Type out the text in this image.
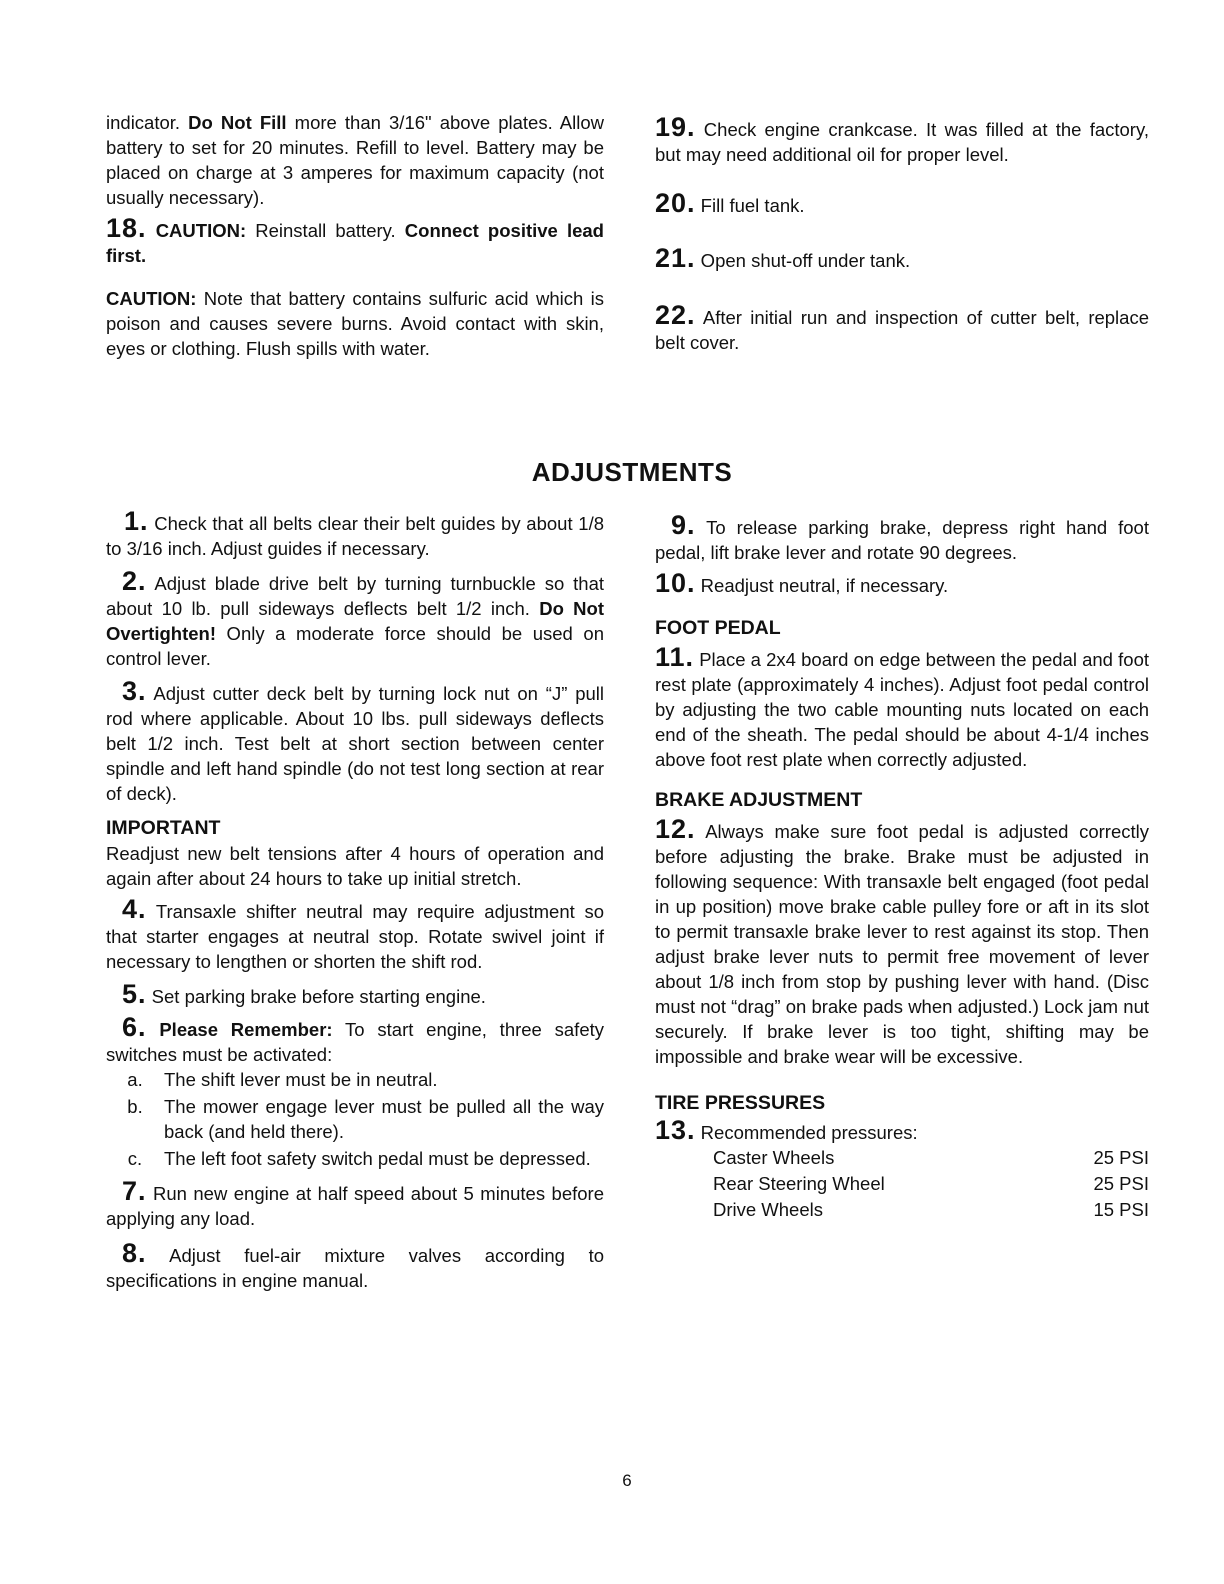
indicator. Do Not Fill more than 3/16" above plates. Allow battery to set for 20 minutes. Refill to level. Battery may be placed on charge at 3 amperes for maximum capacity (not usually necessary).

18. CAUTION: Reinstall battery. Connect positive lead first.

CAUTION: Note that battery contains sulfuric acid which is poison and causes severe burns. Avoid contact with skin, eyes or clothing. Flush spills with water.

19. Check engine crankcase. It was filled at the factory, but may need additional oil for proper level.

20. Fill fuel tank.

21. Open shut-off under tank.

22. After initial run and inspection of cutter belt, replace belt cover.

ADJUSTMENTS

1. Check that all belts clear their belt guides by about 1/8 to 3/16 inch. Adjust guides if necessary.

2. Adjust blade drive belt by turning turnbuckle so that about 10 lb. pull sideways deflects belt 1/2 inch. Do Not Overtighten! Only a moderate force should be used on control lever.

3. Adjust cutter deck belt by turning lock nut on “J” pull rod where applicable. About 10 lbs. pull sideways deflects belt 1/2 inch. Test belt at short section between center spindle and left hand spindle (do not test long section at rear of deck).

IMPORTANT

Readjust new belt tensions after 4 hours of operation and again after about 24 hours to take up initial stretch.

4. Transaxle shifter neutral may require adjustment so that starter engages at neutral stop. Rotate swivel joint if necessary to lengthen or shorten the shift rod.

5. Set parking brake before starting engine.

6. Please Remember: To start engine, three safety switches must be activated:

a.	The shift lever must be in neutral.
b.	The mower engage lever must be pulled all the way back (and held there).
c.	The left foot safety switch pedal must be depressed.

7. Run new engine at half speed about 5 minutes before applying any load.

8. Adjust fuel-air mixture valves according to specifications in engine manual.

9. To release parking brake, depress right hand foot pedal, lift brake lever and rotate 90 degrees.

10. Readjust neutral, if necessary.

FOOT PEDAL

11. Place a 2x4 board on edge between the pedal and foot rest plate (approximately 4 inches). Adjust foot pedal control by adjusting the two cable mounting nuts located on each end of the sheath. The pedal should be about 4-1/4 inches above foot rest plate when correctly adjusted.

BRAKE ADJUSTMENT

12. Always make sure foot pedal is adjusted correctly before adjusting the brake. Brake must be adjusted in following sequence: With transaxle belt engaged (foot pedal in up position) move brake cable pulley fore or aft in its slot to permit transaxle brake lever to rest against its stop. Then adjust brake lever nuts to permit free movement of lever about 1/8 inch from stop by pushing lever with hand. (Disc must not “drag” on brake pads when adjusted.) Lock jam nut securely. If brake lever is too tight, shifting may be impossible and brake wear will be excessive.

TIRE PRESSURES

13. Recommended pressures:

Caster Wheels	25 PSI
Rear Steering Wheel	25 PSI
Drive Wheels	15 PSI
6
